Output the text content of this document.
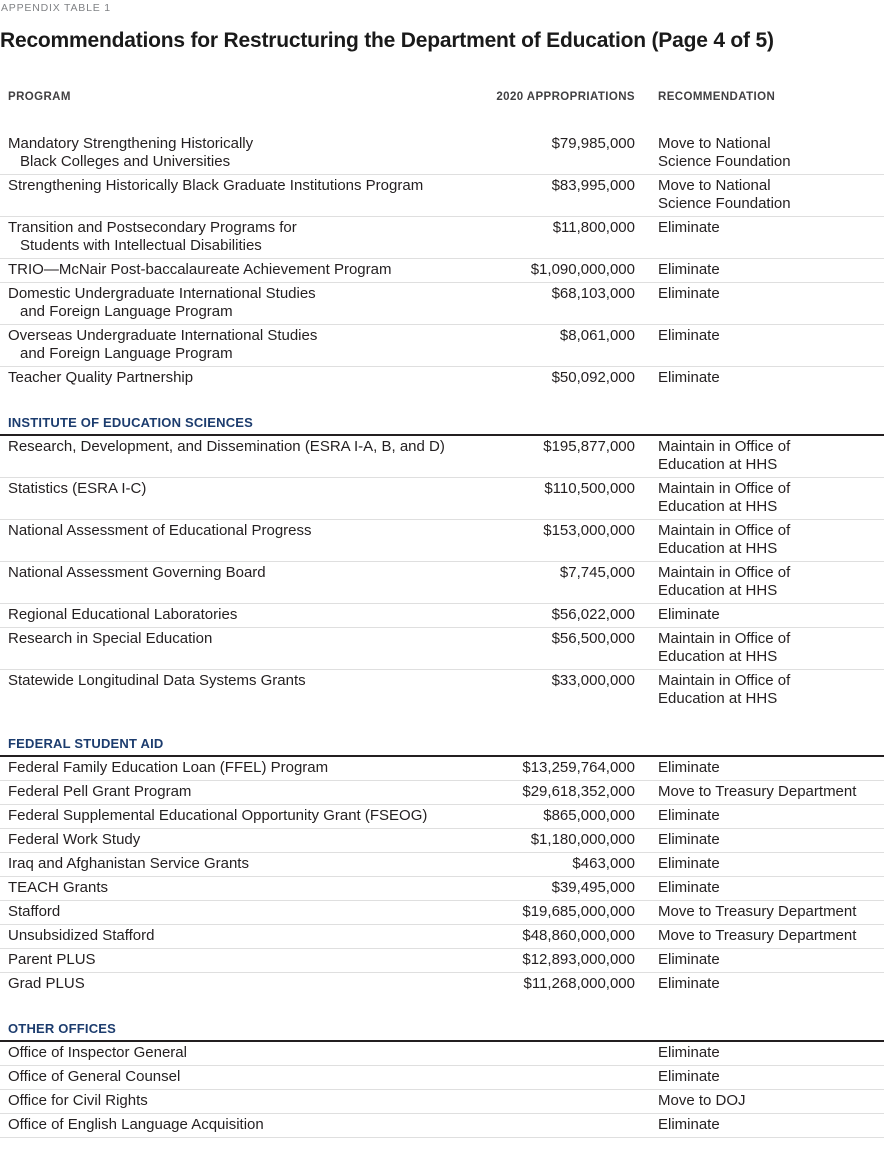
APPENDIX TABLE 1
Recommendations for Restructuring the Department of Education (Page 4 of 5)
PROGRAM	2020 APPROPRIATIONS	RECOMMENDATION
Mandatory Strengthening Historically
Black Colleges and Universities
$79,985,000 Move to National
Science Foundation
Strengthening Historically Black Graduate Institutions Program	$83,995,000 Move to National
Science Foundation
Transition and Postsecondary Programs for
Students with Intellectual Disabilities
$11,800,000 Eliminate
TRIO—McNair Post-baccalaureate Achievement Program	$1,090,000,000 Eliminate
Domestic Undergraduate International Studies
and Foreign Language Program
$68,103,000 Eliminate
Overseas Undergraduate International Studies
and Foreign Language Program
$8,061,000 Eliminate
Teacher Quality Partnership	$50,092,000 Eliminate
INSTITUTE OF EDUCATION SCIENCES
Research, Development, and Dissemination (ESRA I-A, B, and D)	$195,877,000 Maintain in Office of
Education at HHS
Statistics (ESRA I-C)	$110,500,000 Maintain in Office of
Education at HHS
National Assessment of Educational Progress	$153,000,000 Maintain in Office of
Education at HHS
National Assessment Governing Board	$7,745,000 Maintain in Office of
Education at HHS
Regional Educational Laboratories	$56,022,000 Eliminate
Research in Special Education	$56,500,000 Maintain in Office of
Education at HHS
Statewide Longitudinal Data Systems Grants	$33,000,000 Maintain in Office of
Education at HHS
FEDERAL STUDENT AID
Federal Family Education Loan (FFEL) Program	$13,259,764,000 Eliminate
Federal Pell Grant Program	$29,618,352,000 Move to Treasury Department
Federal Supplemental Educational Opportunity Grant (FSEOG)	$865,000,000 Eliminate
Federal Work Study	$1,180,000,000 Eliminate
Iraq and Afghanistan Service Grants	$463,000 Eliminate
TEACH Grants	$39,495,000 Eliminate
Stafford	$19,685,000,000 Move to Treasury Department
Unsubsidized Stafford	$48,860,000,000 Move to Treasury Department
Parent PLUS	$12,893,000,000 Eliminate
Grad PLUS	$11,268,000,000 Eliminate
OTHER OFFICES
Office of Inspector General	Eliminate
Office of General Counsel	Eliminate
Office for Civil Rights	Move to DOJ
Office of English Language Acquisition	Eliminate
